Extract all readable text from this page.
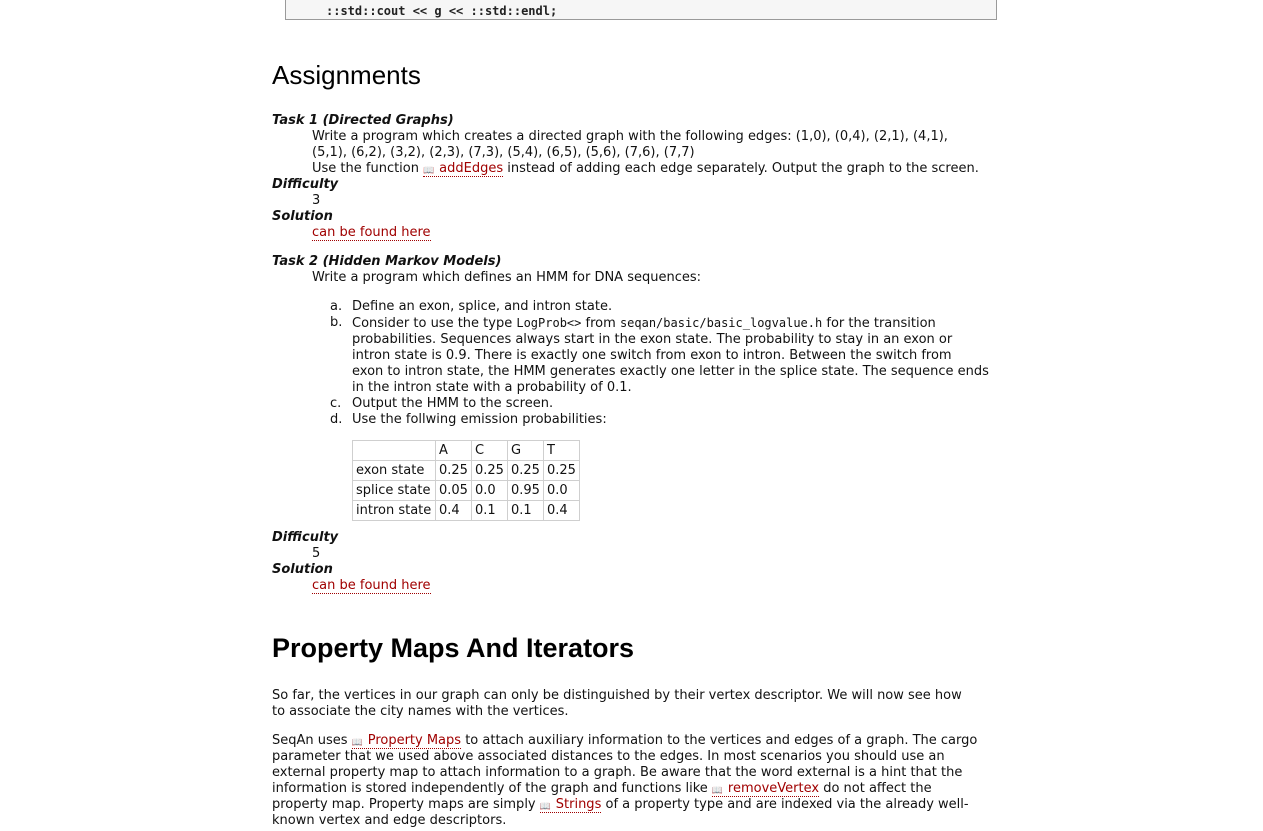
::std::cout << g << ::std::endl;
Assignments
Task 1 (Directed Graphs)
Write a program which creates a directed graph with the following edges: (1,0), (0,4), (2,1), (4,1),
(5,1), (6,2), (3,2), (2,3), (7,3), (5,4), (6,5), (5,6), (7,6), (7,7)
Use the function 📖 addEdges instead of adding each edge separately. Output the graph to the screen.
Difficulty
3
Solution
can be found here
Task 2 (Hidden Markov Models)
Write a program which defines an HMM for DNA sequences:
a. Define an exon, splice, and intron state.
b. Consider to use the type LogProb<> from seqan/basic/basic_logvalue.h for the transition
probabilities. Sequences always start in the exon state. The probability to stay in an exon or
intron state is 0.9. There is exactly one switch from exon to intron. Between the switch from
exon to intron state, the HMM generates exactly one letter in the splice state. The sequence ends
in the intron state with a probability of 0.1.
c. Output the HMM to the screen.
d. Use the follwing emission probabilities:
	A	C	G	T
exon state	0.25	0.25	0.25	0.25
splice state	0.05	0.0	0.95	0.0
intron state	0.4	0.1	0.1	0.4
Difficulty
5
Solution
can be found here
Property Maps And Iterators
So far, the vertices in our graph can only be distinguished by their vertex descriptor. We will now see how
to associate the city names with the vertices.
SeqAn uses 📖 Property Maps to attach auxiliary information to the vertices and edges of a graph. The cargo
parameter that we used above associated distances to the edges. In most scenarios you should use an
external property map to attach information to a graph. Be aware that the word external is a hint that the
information is stored independently of the graph and functions like 📖 removeVertex do not affect the
property map. Property maps are simply 📖 Strings of a property type and are indexed via the already well-
known vertex and edge descriptors.
